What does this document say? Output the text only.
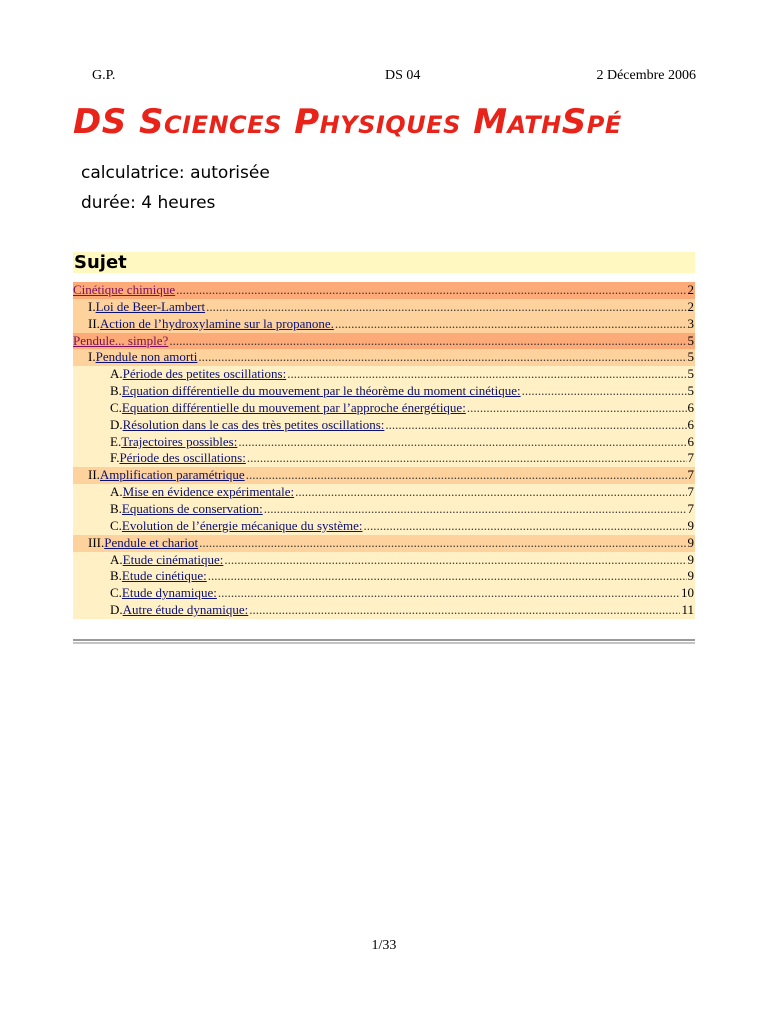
G.P.	DS 04	2 Décembre 2006
DS Sciences Physiques MathSpé
calculatrice: autorisée
durée: 4 heures
Sujet
Cinétique chimique .....	2
I. Loi de Beer-Lambert .....	2
II. Action de l’hydroxylamine sur la propanone. .....	3
Pendule... simple? .....	5
I. Pendule non amorti .....	5
A. Période des petites oscillations: .....	5
B. Equation différentielle du mouvement par le théorème du moment cinétique: .....	5
C. Equation différentielle du mouvement par l’approche énergétique: .....	6
D. Résolution dans le cas des très petites oscillations: .....	6
E. Trajectoires possibles: .....	6
F. Période des oscillations: .....	7
II. Amplification paramétrique .....	7
A. Mise en évidence expérimentale: .....	7
B. Equations de conservation: .....	7
C. Evolution de l’énergie mécanique du système: .....	9
III. Pendule et chariot .....	9
A. Etude cinématique: .....	9
B. Etude cinétique: .....	9
C. Etude dynamique: .....	10
D. Autre étude dynamique: .....	11
1/33
